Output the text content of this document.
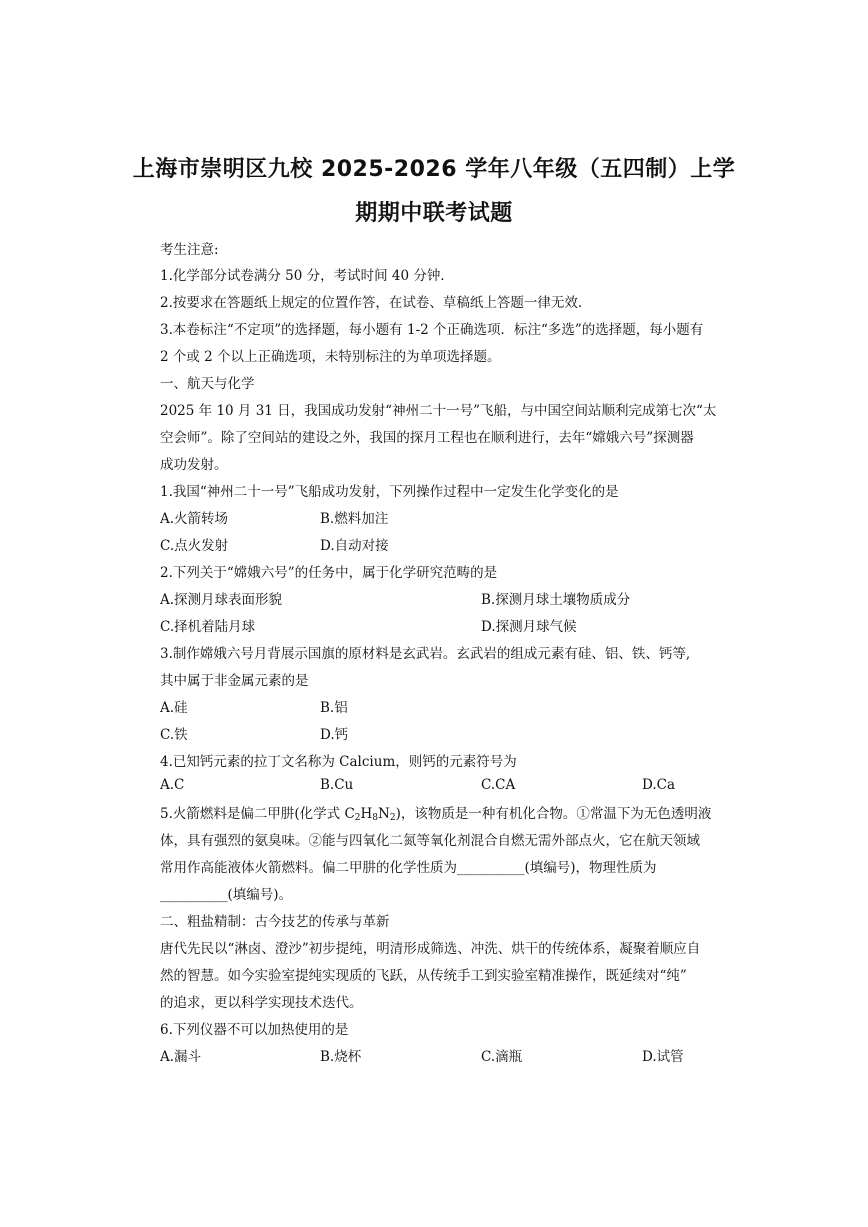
上海市崇明区九校 2025-2026 学年八年级（五四制）上学
期期中联考试题
考生注意:
1.化学部分试卷满分 50 分，考试时间 40 分钟．
2.按要求在答题纸上规定的位置作答，在试卷、草稿纸上答题一律无效．
3.本卷标注“不定项”的选择题，每小题有 1-2 个正确选项．标注“多选”的选择题，每小题有
2 个或 2 个以上正确选项，未特别标注的为单项选择题。
一、航天与化学
2025 年 10 月 31 日，我国成功发射“神州二十一号”飞船，与中国空间站顺利完成第七次“太
空会师”。除了空间站的建设之外，我国的探月工程也在顺利进行，去年“嫦娥六号”探测器
成功发射。
1.我国“神州二十一号”飞船成功发射，下列操作过程中一定发生化学变化的是
A.火箭转场	B.燃料加注
C.点火发射	D.自动对接
2.下列关于“嫦娥六号”的任务中，属于化学研究范畴的是
A.探测月球表面形貌	B.探测月球土壤物质成分
C.择机着陆月球	D.探测月球气候
3.制作嫦娥六号月背展示国旗的原材料是玄武岩。玄武岩的组成元素有硅、铝、铁、钙等,
其中属于非金属元素的是
A.硅	B.铝
C.铁	D.钙
4.已知钙元素的拉丁文名称为 Calcium，则钙的元素符号为
A.C	B.Cu	C.CA	D.Ca
5.火箭燃料是偏二甲肼(化学式 $C_2H_8N_2$)，该物质是一种有机化合物。①常温下为无色透明液
体，具有强烈的氨臭味。②能与四氧化二氮等氧化剂混合自燃无需外部点火，它在航天领域
常用作高能液体火箭燃料。偏二甲肼的化学性质为__________(填编号)，物理性质为
__________(填编号)。
二、粗盐精制：古今技艺的传承与革新
唐代先民以“淋卤、澄沙”初步提纯，明清形成筛选、冲洗、烘干的传统体系，凝聚着顺应自
然的智慧。如今实验室提纯实现质的飞跃，从传统手工到实验室精准操作，既延续对“纯”
的追求，更以科学实现技术迭代。
6.下列仪器不可以加热使用的是
A.漏斗	B.烧杯	C.滴瓶	D.试管
